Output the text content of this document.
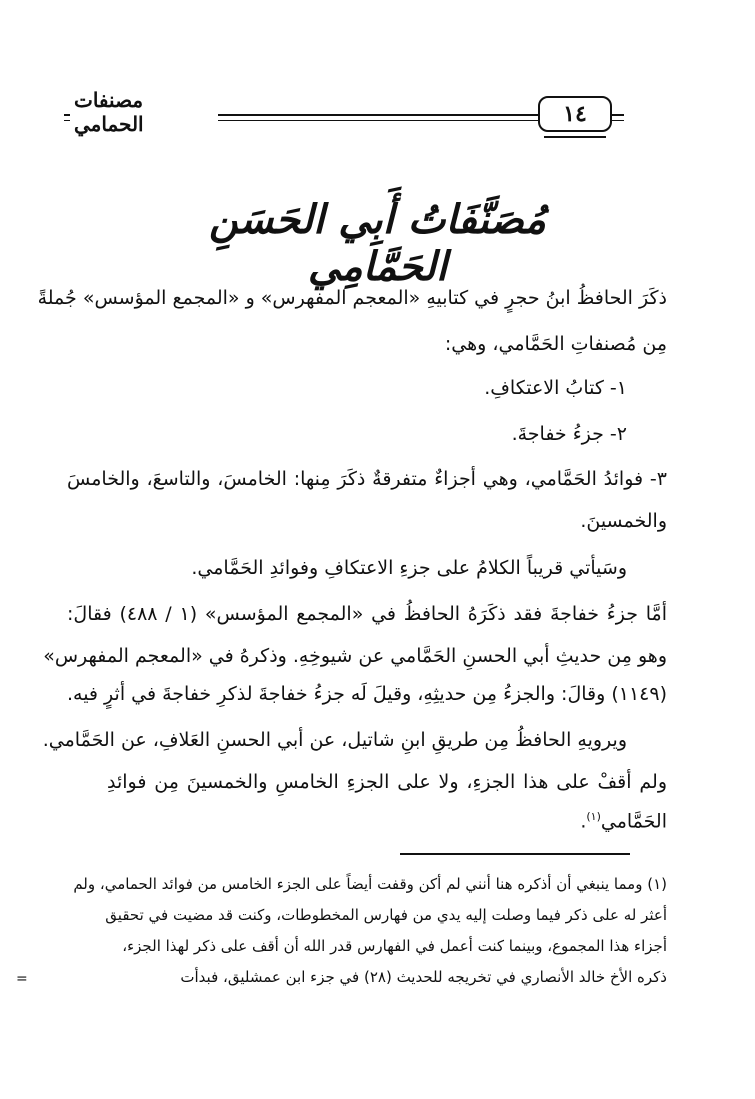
مصنفات الحمامي	١٤
مُصَنَّفَاتُ أَبِي الحَسَنِ الحَمَّامِي
ذكَرَ الحافظُ ابنُ حجرٍ في كتابيهِ «المعجم المفهرس» و «المجمع المؤسس» جُملةً
مِن مُصنفاتِ الحَمَّامي، وهي:
١- كتابُ الاعتكافِ.
٢- جزءُ خفاجةَ.
٣- فوائدُ الحَمَّامي، وهي أجزاءٌ متفرقةٌ ذكَرَ مِنها: الخامسَ، والتاسعَ، والخامسَ
والخمسينَ.
وسَيأتي قريباً الكلامُ على جزءِ الاعتكافِ وفوائدِ الحَمَّامي.
أمَّا جزءُ خفاجةَ فقد ذكَرَهُ الحافظُ في «المجمع المؤسس» (١ / ٤٨٨) فقالَ:
وهو مِن حديثِ أبي الحسنِ الحَمَّامي عن شيوخِهِ. وذكرهُ في «المعجم المفهرس»
(١١٤٩) وقالَ: والجزءُ مِن حديثِهِ، وقيلَ لَه جزءُ خفاجةَ لذكرِ خفاجةَ في أثرٍ فيه.
ويرويهِ الحافظُ مِن طريقِ ابنِ شاتيل، عن أبي الحسنِ العَلافِ، عن الحَمَّامي.
ولم أقفْ على هذا الجزءِ، ولا على الجزءِ الخامسِ والخمسينَ مِن فوائدِ
الحَمَّامي$^{(١)}$.
(١) ومما ينبغي أن أذكره هنا أنني لم أكن وقفت أيضاً على الجزء الخامس من فوائد الحمامي، ولم
أعثر له على ذكر فيما وصلت إليه يدي من فهارس المخطوطات، وكنت قد مضيت في تحقيق
أجزاء هذا المجموع، وبينما كنت أعمل في الفهارس قدر الله أن أقف على ذكر لهذا الجزء،
ذكره الأخ خالد الأنصاري في تخريجه للحديث (٢٨) في جزء ابن عمشليق، فبدأت
=
